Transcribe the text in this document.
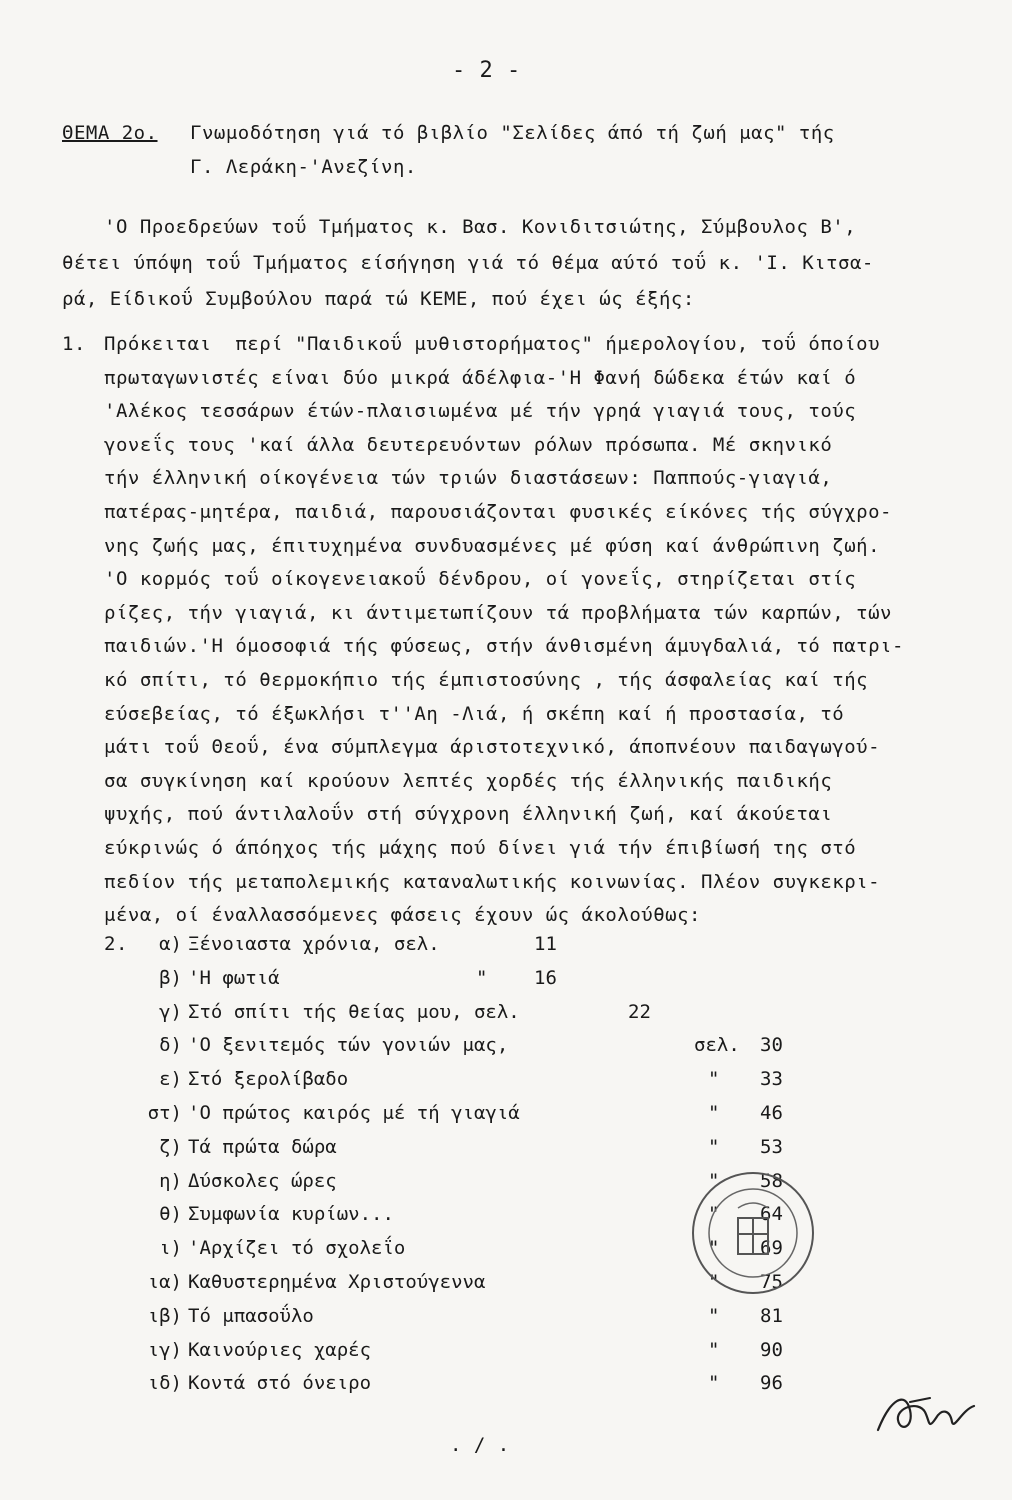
- 2 -
ΘΕΜΑ 2ο. Γνωμοδότηση γιά τό βιβλίο "Σελίδες άπό τή ζωή μας" τής
Γ. Λεράκη-'Ανεζίνη.
'Ο Προεδρεύων τοΰ Τμήματος κ. Βασ. Κονιδιτσιώτης, Σύμβουλος Β',
θέτει ύπόψη τοΰ Τμήματος είσήγηση γιά τό θέμα αύτό τοΰ κ. 'Ι. Κιτσα-
ρά, Είδικοΰ Συμβούλου παρά τώ ΚΕΜΕ, πού έχει ώς έξής:
1. Πρόκειται  περί "Παιδικοΰ μυθιστορήματος" ήμερολογίου, τοΰ όποίου
πρωταγωνιστές είναι δύο μικρά άδέλφια-'Η Φανή δώδεκα έτών καί ό
'Αλέκος τεσσάρων έτών-πλαισιωμένα μέ τήν γρηά γιαγιά τους, τούς
γονεΐς τους 'καί άλλα δευτερευόντων ρόλων πρόσωπα. Μέ σκηνικό
τήν έλληνική οίκογένεια τών τριών διαστάσεων: Παππούς-γιαγιά,
πατέρας-μητέρα, παιδιά, παρουσιάζονται φυσικές είκόνες τής σύγχρο-
νης ζωής μας, έπιτυχημένα συνδυασμένες μέ φύση καί άνθρώπινη ζωή.
'Ο κορμός τοΰ οίκογενειακοΰ δένδρου, οί γονεΐς, στηρίζεται στίς
ρίζες, τήν γιαγιά, κι άντιμετωπίζουν τά προβλήματα τών καρπών, τών
παιδιών.'Η όμοσοφιά τής φύσεως, στήν άνθισμένη άμυγδαλιά, τό πατρι-
κό σπίτι, τό θερμοκήπιο τής έμπιστοσύνης , τής άσφαλείας καί τής
εύσεβείας, τό έξωκλήσι τ''Αη -Λιά, ή σκέπη καί ή προστασία, τό
μάτι τοΰ Θεοΰ, ένα σύμπλεγμα άριστοτεχνικό, άποπνέουν παιδαγωγού-
σα συγκίνηση καί κρούουν λεπτές χορδές τής έλληνικής παιδικής
ψυχής, πού άντιλαλοΰν στή σύγχρονη έλληνική ζωή, καί άκούεται
εύκρινώς ό άπόηχος τής μάχης πού δίνει γιά τήν έπιβίωσή της στό
πεδίον τής μεταπολεμικής καταναλωτικής κοινωνίας. Πλέον συγκεκρι-
μένα, οί έναλλασσόμενες φάσεις έχουν ώς άκολούθως:
2. α) Ξένοιαστα χρόνια, σελ.	11
β) 'Η φωτιά	" 16
γ) Στό σπίτι τής θείας μου, σελ.	22
δ) 'Ο ξενιτεμός τών γονιών μας,	σελ. 30
ε) Στό ξερολίβαδο	" 33
στ) 'Ο πρώτος καιρός μέ τή γιαγιά	" 46
ζ) Τά πρώτα δώρα	" 53
η) Δύσκολες ώρες	" 58
θ) Συμφωνία κυρίων...	" 64
ι) 'Αρχίζει τό σχολεΐο	" 69
ια) Καθυστερημένα Χριστούγεννα	" 75
ιβ) Τό μπασοΰλο	" 81
ιγ) Καινούριες χαρές	" 90
ιδ) Κοντά στό όνειρο	" 96
. / .
